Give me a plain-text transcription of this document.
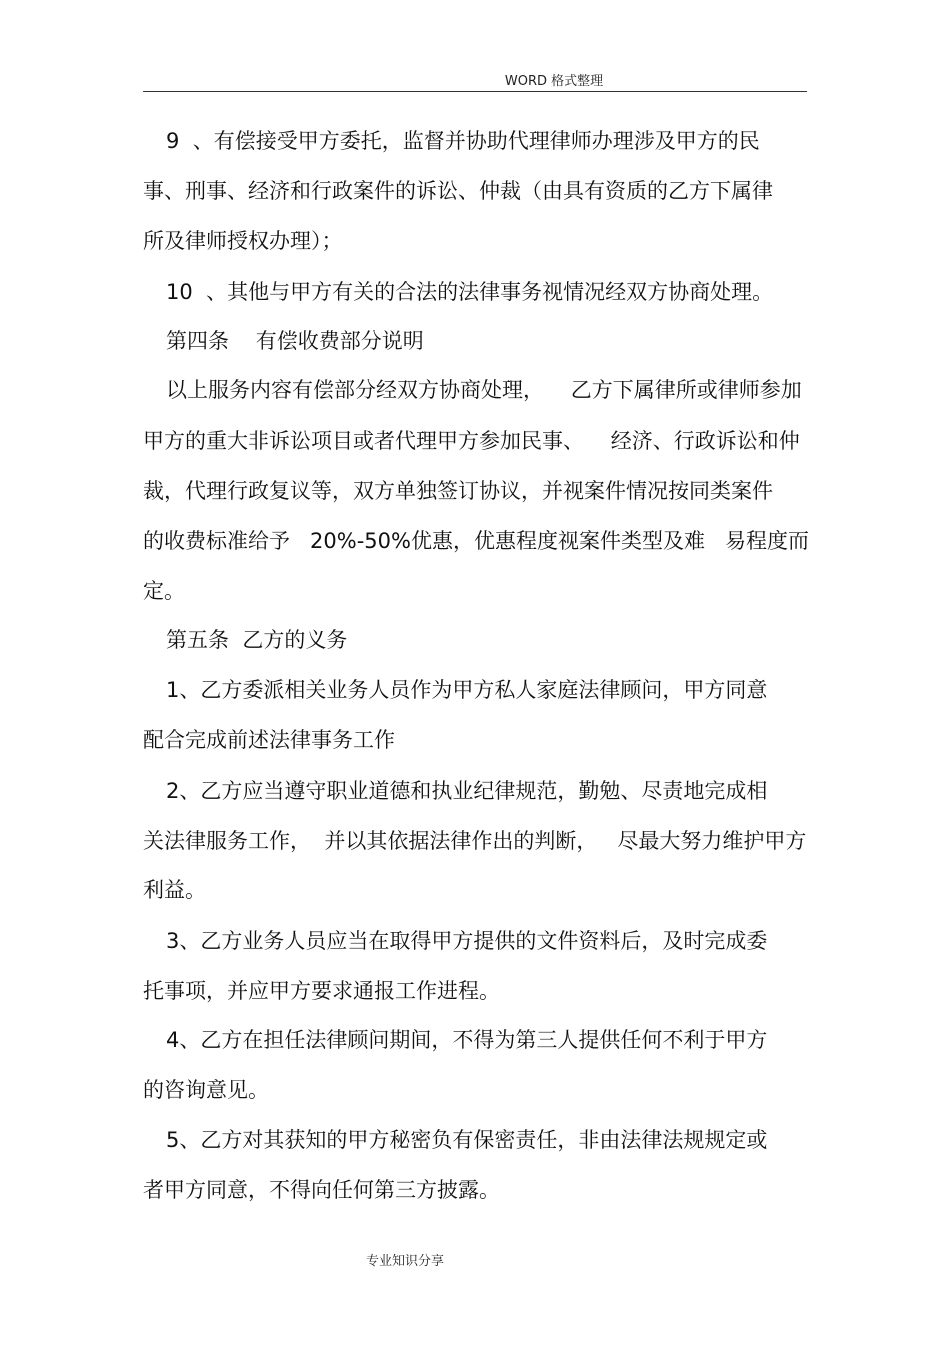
WORD 格式整理
9  、有偿接受甲方委托，监督并协助代理律师办理涉及甲方的民
事、刑事、经济和行政案件的诉讼、仲裁（由具有资质的乙方下属律
所及律师授权办理）；
10  、其他与甲方有关的合法的法律事务视情况经双方协商处理。
第四条    有偿收费部分说明
以上服务内容有偿部分经双方协商处理，    乙方下属律所或律师参加
甲方的重大非诉讼项目或者代理甲方参加民事、    经济、行政诉讼和仲
裁，代理行政复议等，双方单独签订协议，并视案件情况按同类案件
的收费标准给予   20%-50%优惠，优惠程度视案件类型及难   易程度而
定。
第五条  乙方的义务
1、乙方委派相关业务人员作为甲方私人家庭法律顾问，甲方同意
配合完成前述法律事务工作
2、乙方应当遵守职业道德和执业纪律规范，勤勉、尽责地完成相
关法律服务工作，  并以其依据法律作出的判断，   尽最大努力维护甲方
利益。
3、乙方业务人员应当在取得甲方提供的文件资料后，及时完成委
托事项，并应甲方要求通报工作进程。
4、乙方在担任法律顾问期间，不得为第三人提供任何不利于甲方
的咨询意见。
5、乙方对其获知的甲方秘密负有保密责任，非由法律法规规定或
者甲方同意，不得向任何第三方披露。
专业知识分享
